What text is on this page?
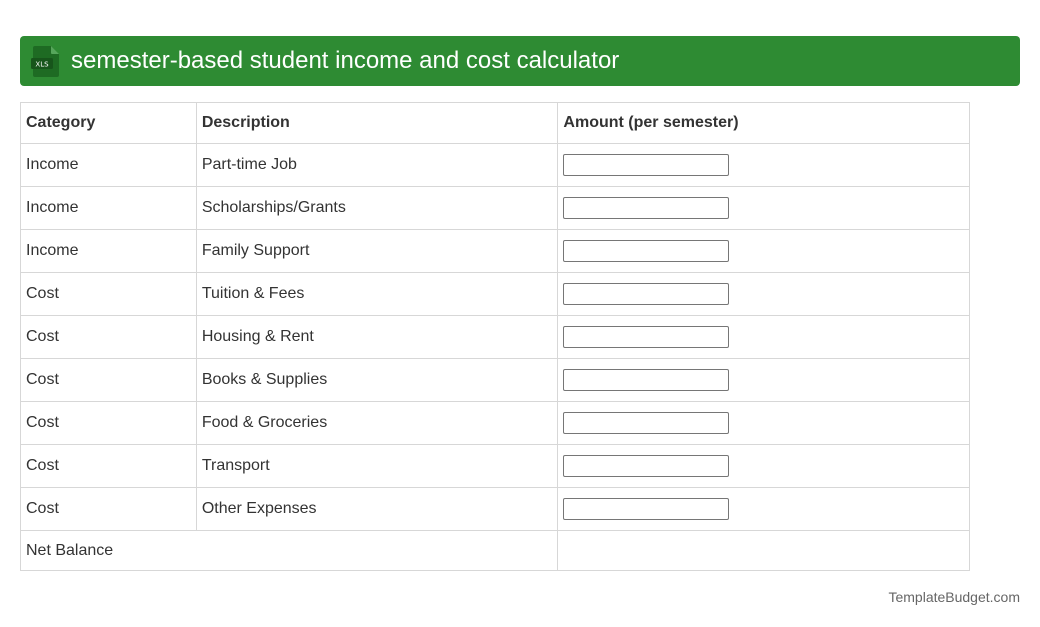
XLS semester-based student income and cost calculator
Category	Description	Amount (per semester)
Income	Part-time Job	

Income	Scholarships/Grants	

Income	Family Support	

Cost	Tuition & Fees	

Cost	Housing & Rent	

Cost	Books & Supplies	

Cost	Food & Groceries	

Cost	Transport	

Cost	Other Expenses	

Net Balance		
TemplateBudget.com
